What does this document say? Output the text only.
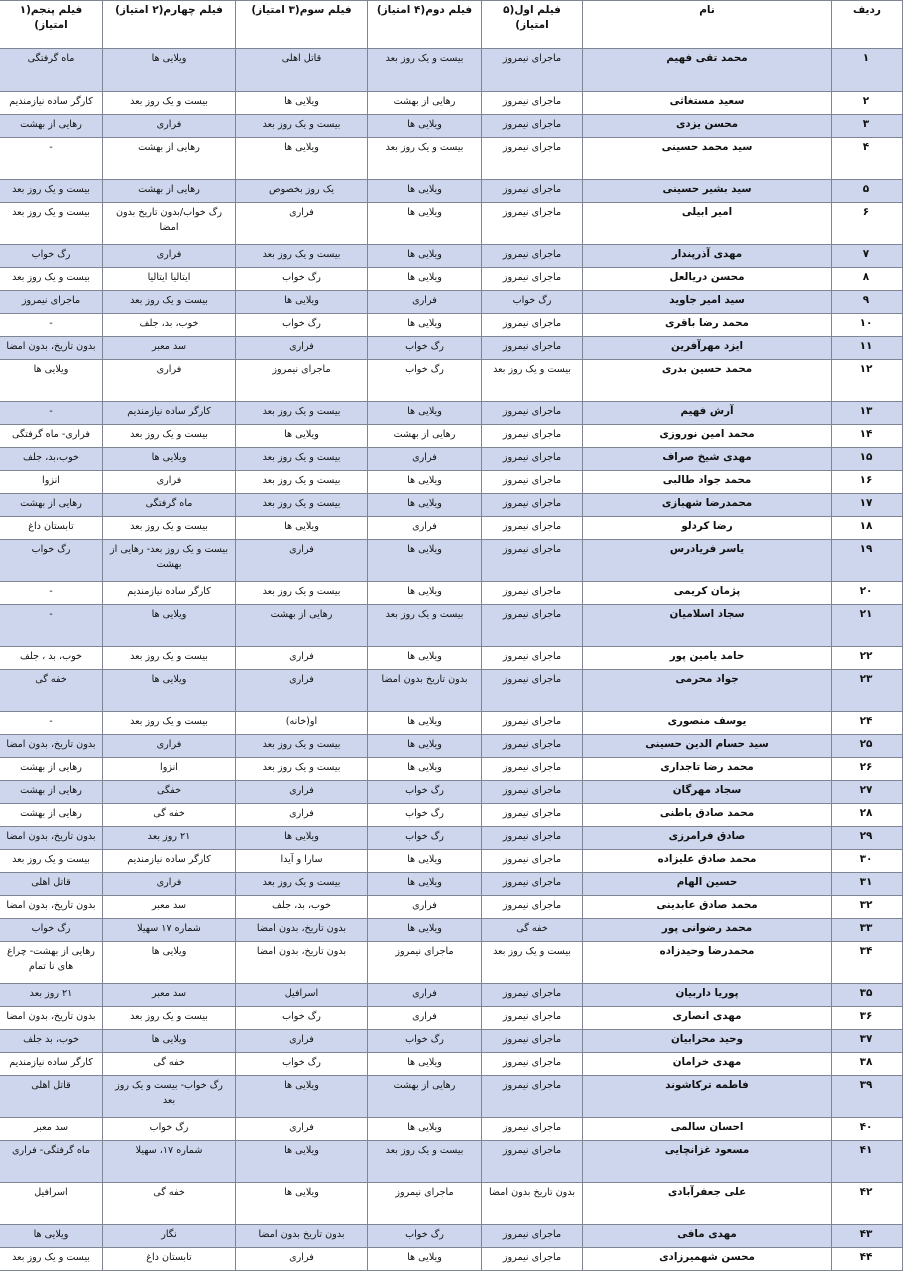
ردیف	نام	فیلم اول(۵ امتیاز)	فیلم دوم(۴ امتیاز)	فیلم سوم(۳ امتیاز)	فیلم چهارم(۲ امتیاز)	فیلم پنجم(۱ امتیاز)
۱	محمد تقی فهیم	ماجرای نیمروز	بیست و یک روز بعد	قاتل اهلی	ویلایی ها	ماه گرفتگی
۲	سعید مستغاثی	ماجرای نیمروز	رهایی از بهشت	ویلایی ها	بیست و یک روز بعد	کارگر ساده نیازمندیم
۳	محسن یزدی	ماجرای نیمروز	ویلایی ها	بیست و یک روز بعد	فراری	رهایی از بهشت
۴	سید محمد حسینی	ماجرای نیمروز	بیست و یک روز بعد	ویلایی ها	رهایی از بهشت	-
۵	سید بشیر حسینی	ماجرای نیمروز	ویلایی ها	یک روز بخصوص	رهایی از بهشت	بیست و یک روز بعد
۶	امیر ابیلی	ماجرای نیمروز	ویلایی ها	فراری	رگ خواب/بدون تاریخ بدون امضا	بیست و یک روز بعد
۷	مهدی آذرپندار	ماجرای نیمروز	ویلایی ها	بیست و یک روز بعد	فراری	رگ خواب
۸	محسن دریالعل	ماجرای نیمروز	ویلایی ها	رگ خواب	ایتالیا ایتالیا	بیست و یک روز بعد
۹	سید امیر جاوید	رگ خواب	فراری	ویلایی ها	بیست و یک روز بعد	ماجرای نیمروز
۱۰	محمد رضا باقری	ماجرای نیمروز	ویلایی ها	رگ خواب	خوب، بد، جلف	-
۱۱	ایزد مهرآفرین	ماجرای نیمروز	رگ خواب	فراری	سد معبر	بدون تاریخ، بدون امضا
۱۲	محمد حسین بدری	بیست و یک روز بعد	رگ خواب	ماجرای نیمروز	فراری	ویلایی ها
۱۳	آرش فهیم	ماجرای نیمروز	ویلایی ها	بیست و یک روز بعد	کارگر ساده نیازمندیم	-
۱۴	محمد امین نوروزی	ماجرای نیمروز	رهایی از بهشت	ویلایی ها	بیست و یک روز بعد	فراری- ماه گرفتگی
۱۵	مهدی شیخ صراف	ماجرای نیمروز	فراری	بیست و یک روز بعد	ویلایی ها	خوب،بد، جلف
۱۶	محمد جواد طالبی	ماجرای نیمروز	ویلایی ها	بیست و یک روز بعد	فراری	انزوا
۱۷	محمدرضا شهبازی	ماجرای نیمروز	ویلایی ها	بیست و یک روز بعد	ماه گرفتگی	رهایی از بهشت
۱۸	رضا کردلو	ماجرای نیمروز	فراری	ویلایی ها	بیست و یک روز بعد	تابستان داغ
۱۹	یاسر فریادرس	ماجرای نیمروز	ویلایی ها	فراری	بیست و یک روز بعد- رهایی از بهشت	رگ خواب
۲۰	پژمان کریمی	ماجرای نیمروز	ویلایی ها	بیست و یک روز بعد	کارگر ساده نیازمندیم	-
۲۱	سجاد اسلامیان	ماجرای نیمروز	بیست و یک روز بعد	رهایی از بهشت	ویلایی ها	-
۲۲	حامد یامین پور	ماجرای نیمروز	ویلایی ها	فراری	بیست و یک روز بعد	خوب، بد ، جلف
۲۳	جواد محرمی	ماجرای نیمروز	بدون تاریخ بدون امضا	فراری	ویلایی ها	خفه گی
۲۴	یوسف منصوری	ماجرای نیمروز	ویلایی ها	او(خانه)	بیست و یک روز بعد	-
۲۵	سید حسام الدین حسینی	ماجرای نیمروز	ویلایی ها	بیست و یک روز بعد	فراری	بدون تاریخ، بدون امضا
۲۶	محمد رضا تاجداری	ماجرای نیمروز	ویلایی ها	بیست و یک روز بعد	انزوا	رهایی از بهشت
۲۷	سجاد مهرگان	ماجرای نیمروز	رگ خواب	فراری	خفگی	رهایی از بهشت
۲۸	محمد صادق باطنی	ماجرای نیمروز	رگ خواب	فراری	خفه گی	رهایی از بهشت
۲۹	صادق فرامرزی	ماجرای نیمروز	رگ خواب	ویلایی ها	۲۱ روز بعد	بدون تاریخ، بدون امضا
۳۰	محمد صادق علیزاده	ماجرای نیمروز	ویلایی ها	سارا و آیدا	کارگر ساده نیازمندیم	بیست و یک روز بعد
۳۱	حسین الهام	ماجرای نیمروز	ویلایی ها	بیست و یک روز بعد	فراری	قاتل اهلی
۳۲	محمد صادق عابدینی	ماجرای نیمروز	فراری	خوب، بد، جلف	سد معبر	بدون تاریخ، بدون امضا
۳۳	محمد رضوانی پور	خفه گی	ویلایی ها	بدون تاریخ، بدون امضا	شماره ۱۷ سهیلا	رگ خواب
۳۴	محمدرضا وحیدزاده	بیست و یک روز بعد	ماجرای نیمروز	بدون تاریخ، بدون امضا	ویلایی ها	رهایی از بهشت- چراغ های نا تمام
۳۵	پوریا داربیان	ماجرای نیمروز	فراری	اسرافیل	سد معبر	۲۱ روز بعد
۳۶	مهدی انصاری	ماجرای نیمروز	فراری	رگ خواب	بیست و یک روز بعد	بدون تاریخ، بدون امضا
۳۷	وحید محرابیان	ماجرای نیمروز	رگ خواب	فراری	ویلایی ها	خوب، بد جلف
۳۸	مهدی خرامان	ماجرای نیمروز	ویلایی ها	رگ خواب	خفه گی	کارگر ساده نیازمندیم
۳۹	فاطمه ترکاشوند	ماجرای نیمروز	رهایی از بهشت	ویلایی ها	رگ خواب- بیست و یک روز بعد	قاتل اهلی
۴۰	احسان سالمی	ماجرای نیمروز	ویلایی ها	فراری	رگ خواب	سد معبر
۴۱	مسعود غزانچایی	ماجرای نیمروز	بیست و یک روز بعد	ویلایی ها	شماره ۱۷، سهیلا	ماه گرفتگی- فراری
۴۲	علی جعفرآبادی	بدون تاریخ بدون امضا	ماجرای نیمروز	ویلایی ها	خفه گی	اسرافیل
۴۳	مهدی مافی	ماجرای نیمروز	رگ خواب	بدون تاریخ بدون امضا	نگار	ویلایی ها
۴۴	محسن شهمیرزادی	ماجرای نیمروز	ویلایی ها	فراری	تابستان داغ	بیست و یک روز بعد
